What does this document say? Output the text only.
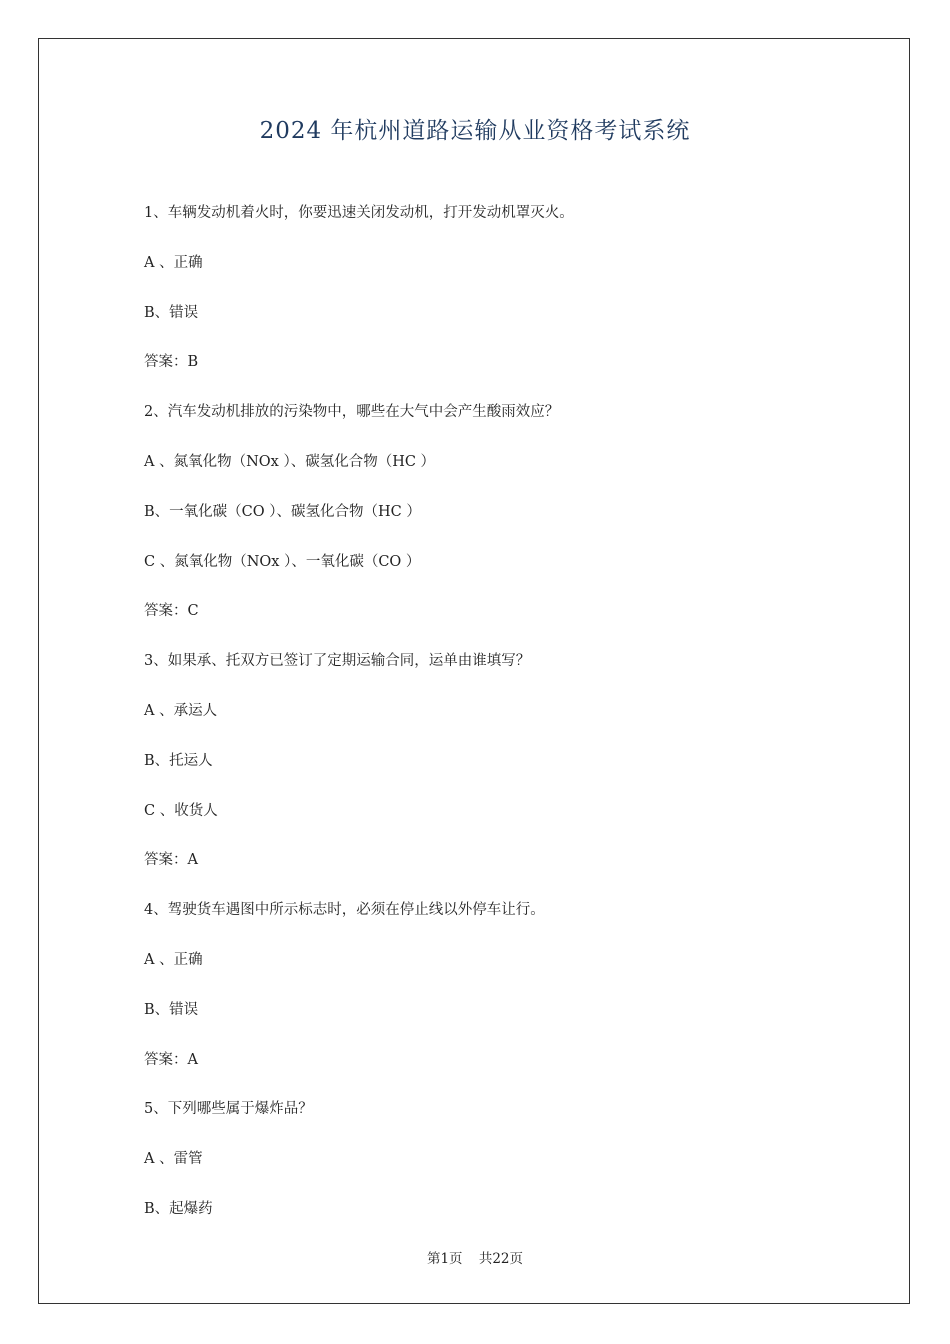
2024 年杭州道路运输从业资格考试系统
1、车辆发动机着火时，你要迅速关闭发动机，打开发动机罩灭火。
A 、正确
B、错误
答案：B
2、汽车发动机排放的污染物中，哪些在大气中会产生酸雨效应？
A 、氮氧化物（NOx ）、碳氢化合物（HC ）
B、一氧化碳（CO ）、碳氢化合物（HC ）
C 、氮氧化物（NOx ）、一氧化碳（CO ）
答案：C
3、如果承、托双方已签订了定期运输合同，运单由谁填写？
A 、承运人
B、托运人
C 、收货人
答案：A
4、驾驶货车遇图中所示标志时，必须在停止线以外停车让行。
A 、正确
B、错误
答案：A
5、下列哪些属于爆炸品？
A 、雷管
B、起爆药
第1页 共22页
